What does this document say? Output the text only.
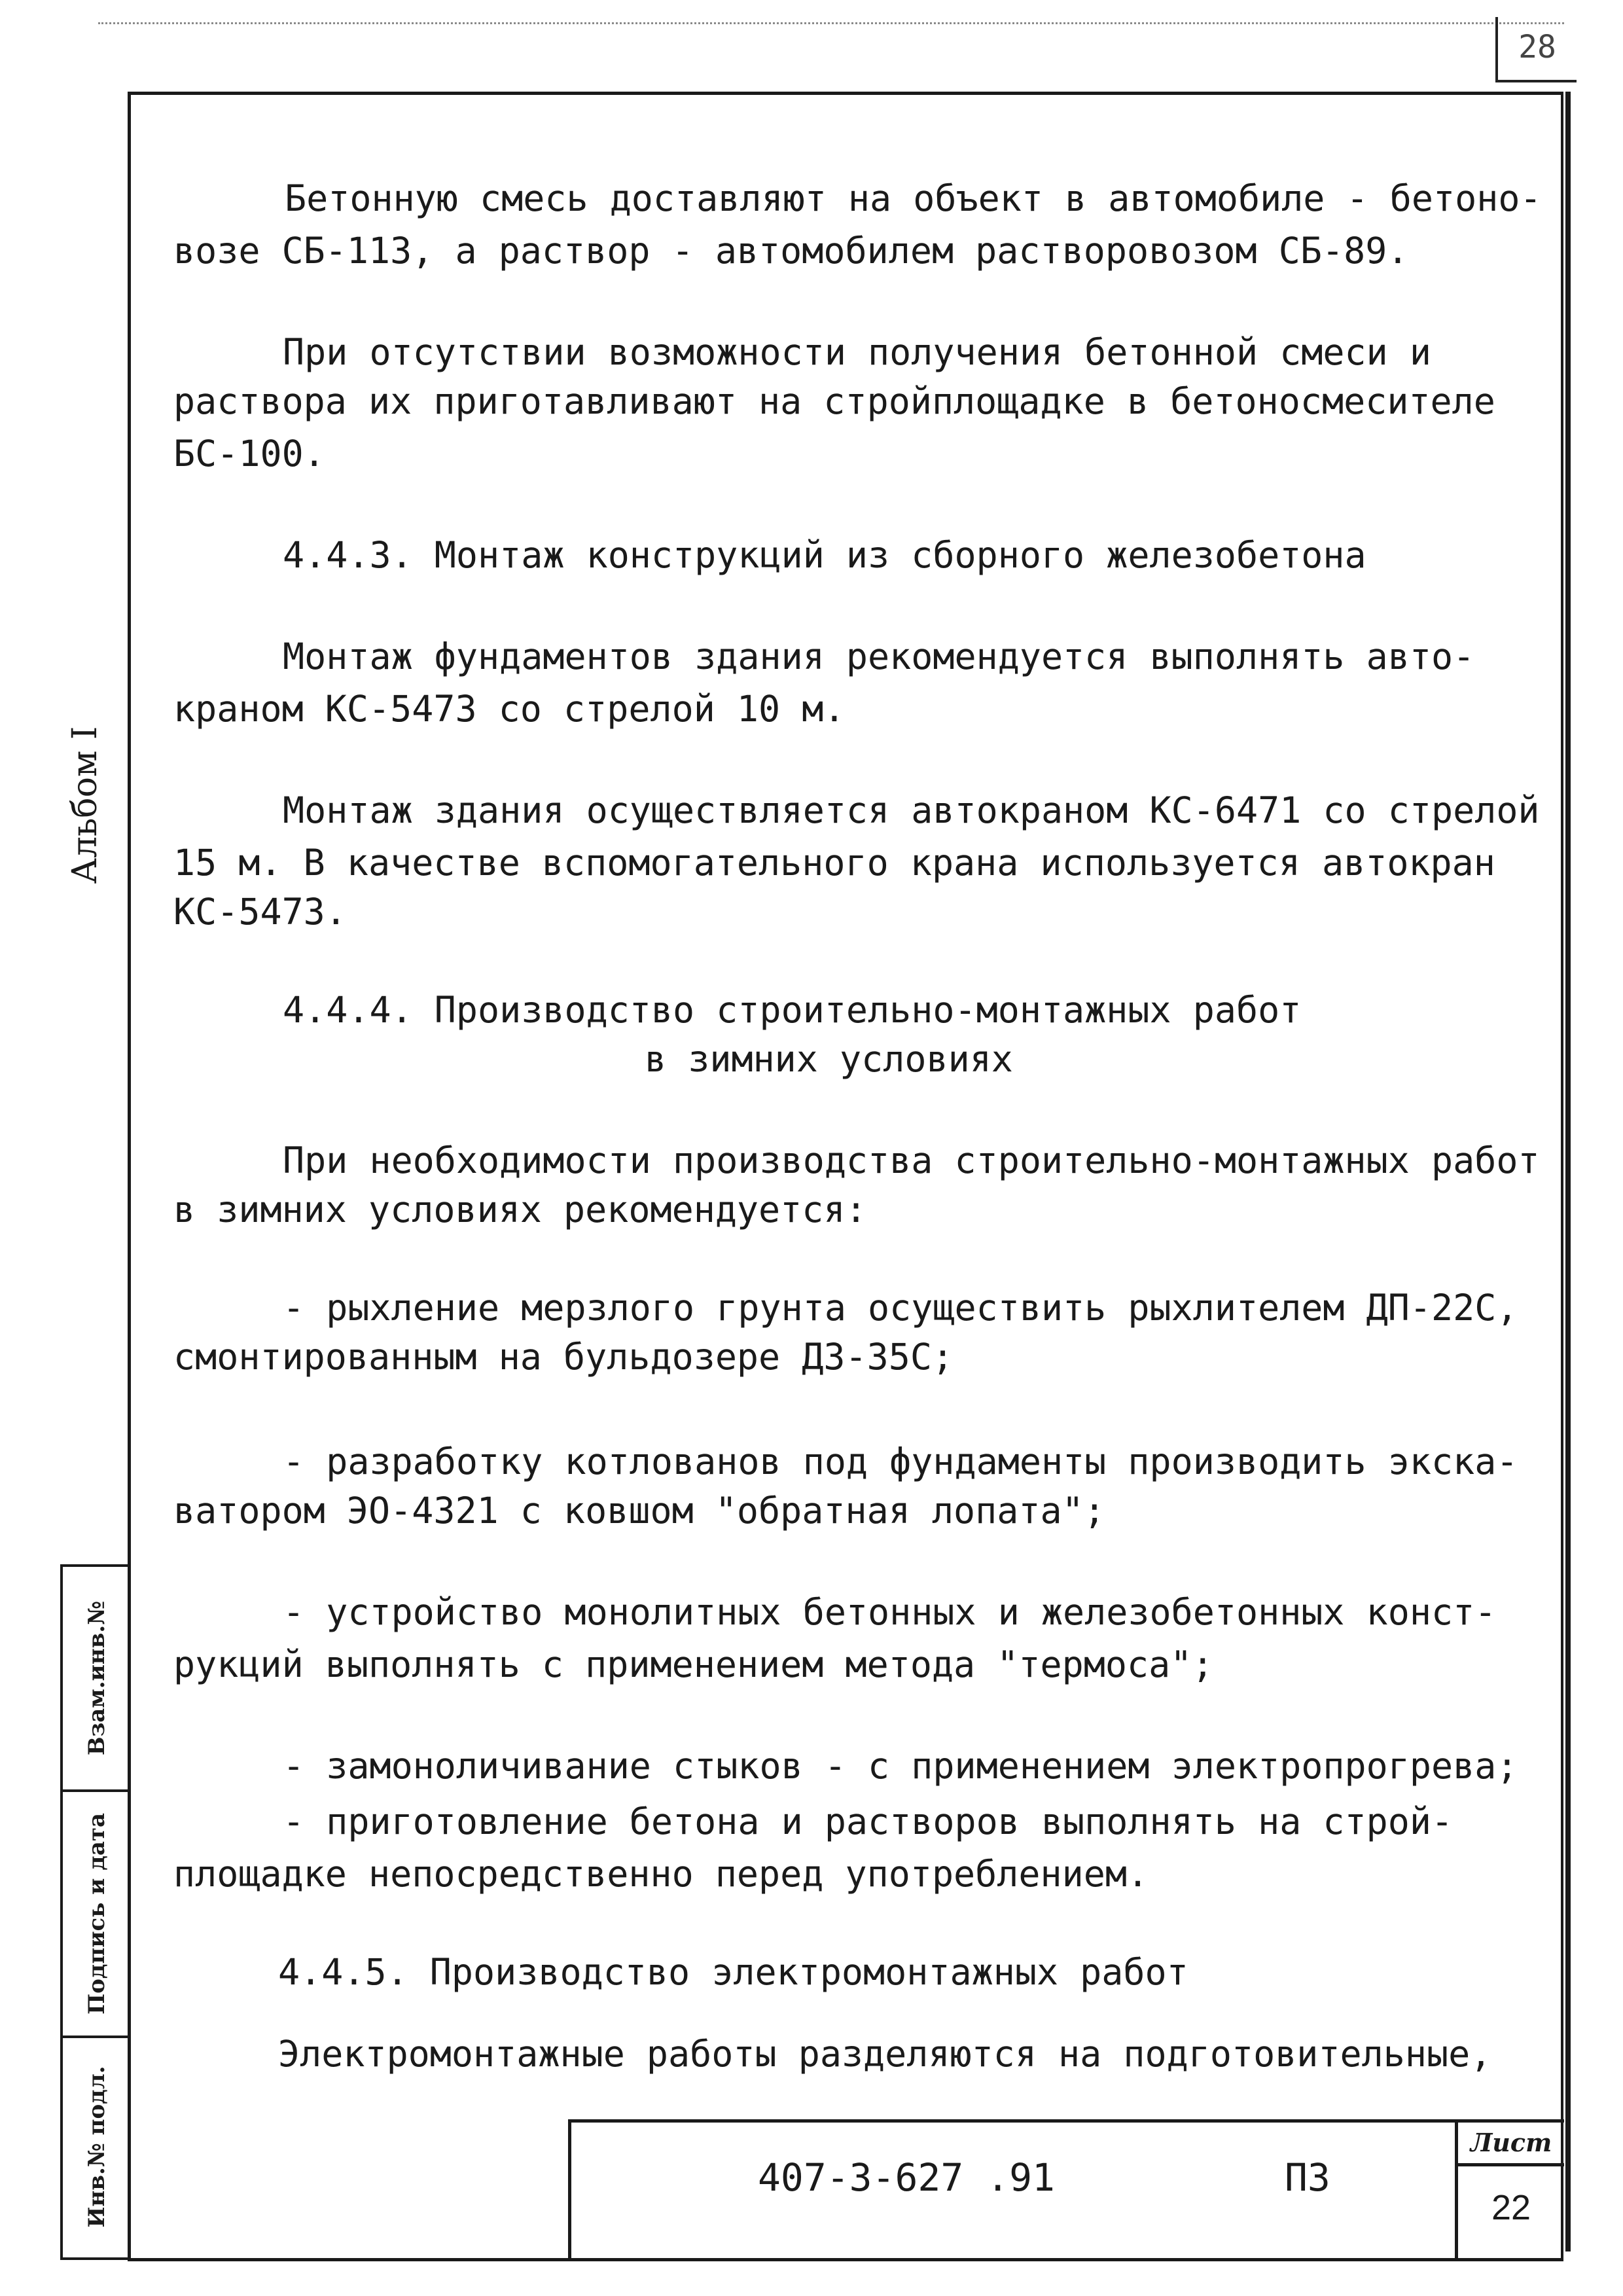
28
Альбом I
Взам.инв.№
Подпись и дата
Инв.№ подл.

Бетонную смесь доставляют на объект в автомобиле - бетоно-

возе СБ-113, а раствор - автомобилем растворовозом СБ-89.

При отсутствии возможности получения бетонной смеси и

раствора их приготавливают на стройплощадке в бетоносмесителе

БС-100.

4.4.3. Монтаж конструкций из сборного железобетона

Монтаж фундаментов здания рекомендуется выполнять авто-

краном КС-5473 со стрелой 10 м.

Монтаж здания осуществляется автокраном КС-6471 со стрелой

15 м. В качестве вспомогательного крана используется автокран

КС-5473.

4.4.4. Производство строительно-монтажных работ

в зимних условиях

При необходимости производства строительно-монтажных работ

в зимних условиях рекомендуется:

- рыхление мерзлого грунта осуществить рыхлителем ДП-22С,

смонтированным на бульдозере ДЗ-35С;

- разработку котлованов под фундаменты производить экска-

ватором ЭО-4321 с ковшом "обратная лопата";

- устройство монолитных бетонных и железобетонных конст-

рукций выполнять с применением метода "термоса";

- замоноличивание стыков - с применением электропрогрева;

- приготовление бетона и растворов выполнять на строй-

площадке непосредственно перед употреблением.

4.4.5. Производство электромонтажных работ

Электромонтажные работы разделяются на подготовительные,

407-3-627 .91	ПЗ
Лист
22
